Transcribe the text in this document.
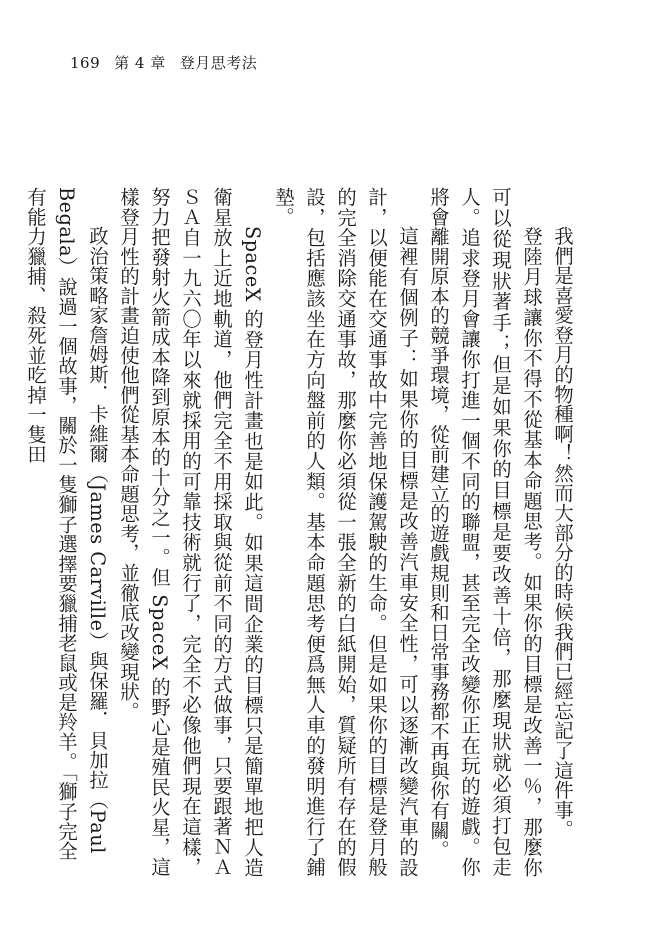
169 第 4 章 登月思考法

我們是喜愛登月的物種啊！然而大部分的時候我們已經忘記了這件事。

登陸月球讓你不得不從基本命題思考。如果你的目標是改善一％，那麼你可以從現狀著手；但是如果你的目標是要改善十倍，那麼現狀就必須打包走人。追求登月會讓你打進一個不同的聯盟，甚至完全改變你正在玩的遊戲。你將會離開原本的競爭環境，從前建立的遊戲規則和日常事務都不再與你有關。

這裡有個例子：如果你的目標是改善汽車安全性，可以逐漸改變汽車的設計，以便能在交通事故中完善地保護駕駛的生命。但是如果你的目標是登月般的完全消除交通事故，那麼你必須從一張全新的白紙開始，質疑所有存在的假設，包括應該坐在方向盤前的人類。基本命題思考便爲無人車的發明進行了鋪墊。

SpaceX 的登月性計畫也是如此。如果這間企業的目標只是簡單地把人造衛星放上近地軌道，他們完全不用採取與從前不同的方式做事，只要跟著ＮＡＳＡ自一九六〇年以來就採用的可靠技術就行了，完全不必像他們現在這樣，努力把發射火箭成本降到原本的十分之一。但 SpaceX 的野心是殖民火星，這樣登月性的計畫迫使他們從基本命題思考，並徹底改變現狀。

政治策略家詹姆斯．卡維爾（James Carville）與保羅．貝加拉（Paul Begala）說過一個故事，關於一隻獅子選擇要獵捕老鼠或是羚羊。「獅子完全有能力獵捕、殺死並吃掉一隻田
